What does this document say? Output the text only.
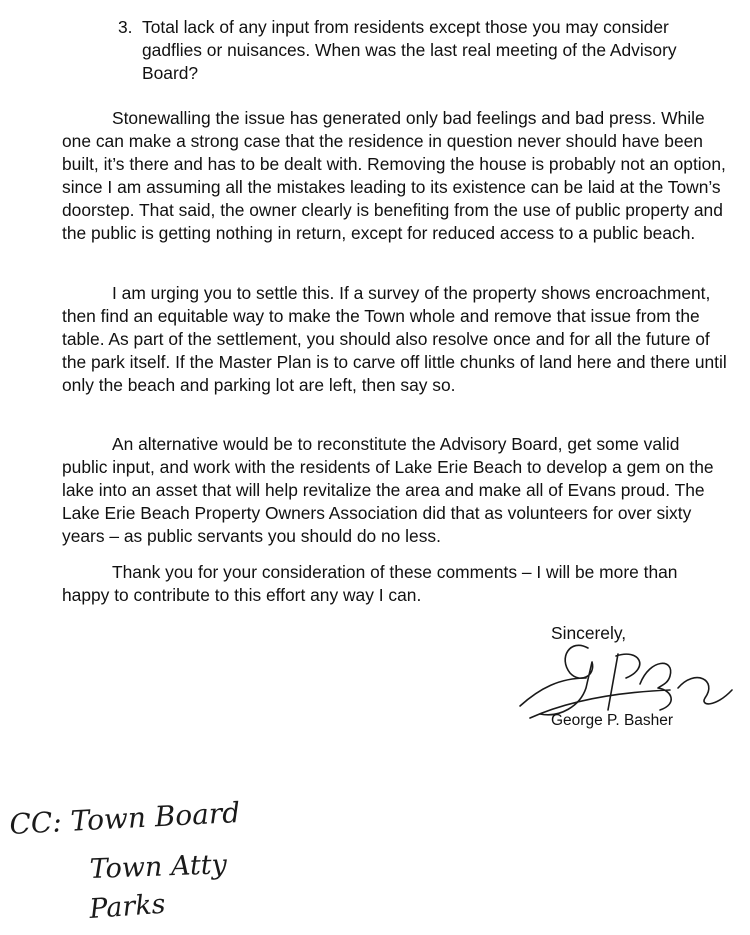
3. Total lack of any input from residents except those you may consider gadflies or nuisances. When was the last real meeting of the Advisory Board?

Stonewalling the issue has generated only bad feelings and bad press. While one can make a strong case that the residence in question never should have been built, it’s there and has to be dealt with. Removing the house is probably not an option, since I am assuming all the mistakes leading to its existence can be laid at the Town’s doorstep. That said, the owner clearly is benefiting from the use of public property and the public is getting nothing in return, except for reduced access to a public beach.

I am urging you to settle this. If a survey of the property shows encroachment, then find an equitable way to make the Town whole and remove that issue from the table. As part of the settlement, you should also resolve once and for all the future of the park itself. If the Master Plan is to carve off little chunks of land here and there until only the beach and parking lot are left, then say so.

An alternative would be to reconstitute the Advisory Board, get some valid public input, and work with the residents of Lake Erie Beach to develop a gem on the lake into an asset that will help revitalize the area and make all of Evans proud. The Lake Erie Beach Property Owners Association did that as volunteers for over sixty years – as public servants you should do no less.

Thank you for your consideration of these comments – I will be more than happy to contribute to this effort any way I can.

Sincerely,
George P. Basher
CC: Town Board
Town Atty
Parks
